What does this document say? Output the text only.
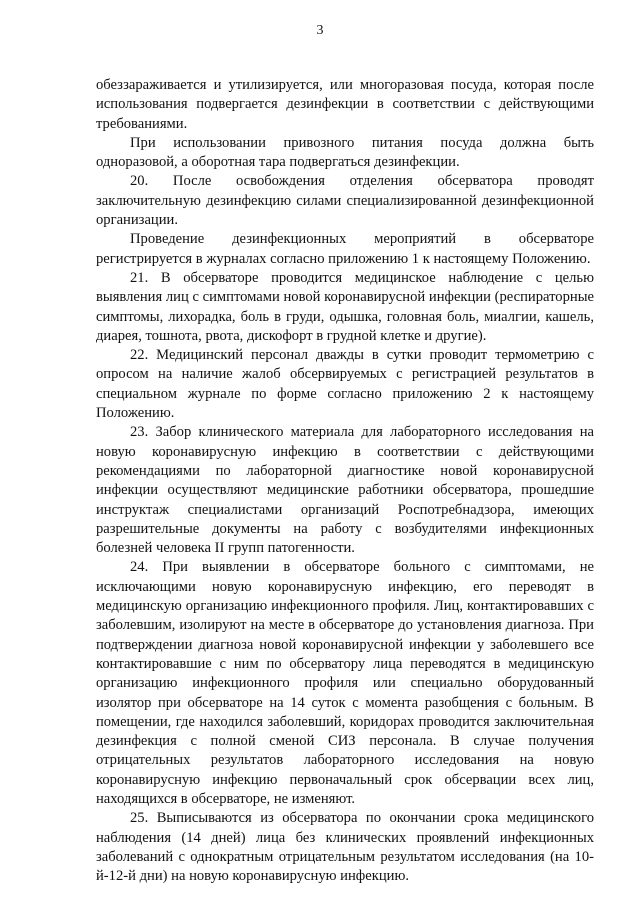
3

обеззараживается и утилизируется, или многоразовая посуда, которая после использования подвергается дезинфекции в соответствии с действующими требованиями.

При использовании привозного питания посуда должна быть одноразовой, а оборотная тара подвергаться дезинфекции.

20. После освобождения отделения обсерватора проводят заключительную дезинфекцию силами специализированной дезинфекционной организации.

Проведение дезинфекционных мероприятий в обсерваторе регистрируется в журналах согласно приложению 1 к настоящему Положению.

21. В обсерваторе проводится медицинское наблюдение с целью выявления лиц с симптомами новой коронавирусной инфекции (респираторные симптомы, лихорадка, боль в груди, одышка, головная боль, миалгии, кашель, диарея, тошнота, рвота, дискофорт в грудной клетке и другие).

22. Медицинский персонал дважды в сутки проводит термометрию с опросом на наличие жалоб обсервируемых с регистрацией результатов в специальном журнале по форме согласно приложению 2 к настоящему Положению.

23. Забор клинического материала для лабораторного исследования на новую коронавирусную инфекцию в соответствии с действующими рекомендациями по лабораторной диагностике новой коронавирусной инфекции осуществляют медицинские работники обсерватора, прошедшие инструктаж специалистами организаций Роспотребнадзора, имеющих разрешительные документы на работу с возбудителями инфекционных болезней человека II групп патогенности.

24. При выявлении в обсерваторе больного с симптомами, не исключающими новую коронавирусную инфекцию, его переводят в медицинскую организацию инфекционного профиля. Лиц, контактировавших с заболевшим, изолируют на месте в обсерваторе до установления диагноза. При подтверждении диагноза новой коронавирусной инфекции у заболевшего все контактировавшие с ним по обсерватору лица переводятся в медицинскую организацию инфекционного профиля или специально оборудованный изолятор при обсерваторе на 14 суток с момента разобщения с больным. В помещении, где находился заболевший, коридорах проводится заключительная дезинфекция с полной сменой СИЗ персонала. В случае получения отрицательных результатов лабораторного исследования на новую коронавирусную инфекцию первоначальный срок обсервации всех лиц, находящихся в обсерваторе, не изменяют.

25. Выписываются из обсерватора по окончании срока медицинского наблюдения (14 дней) лица без клинических проявлений инфекционных заболеваний с однократным отрицательным результатом исследования (на 10-й-12-й дни) на новую коронавирусную инфекцию.
